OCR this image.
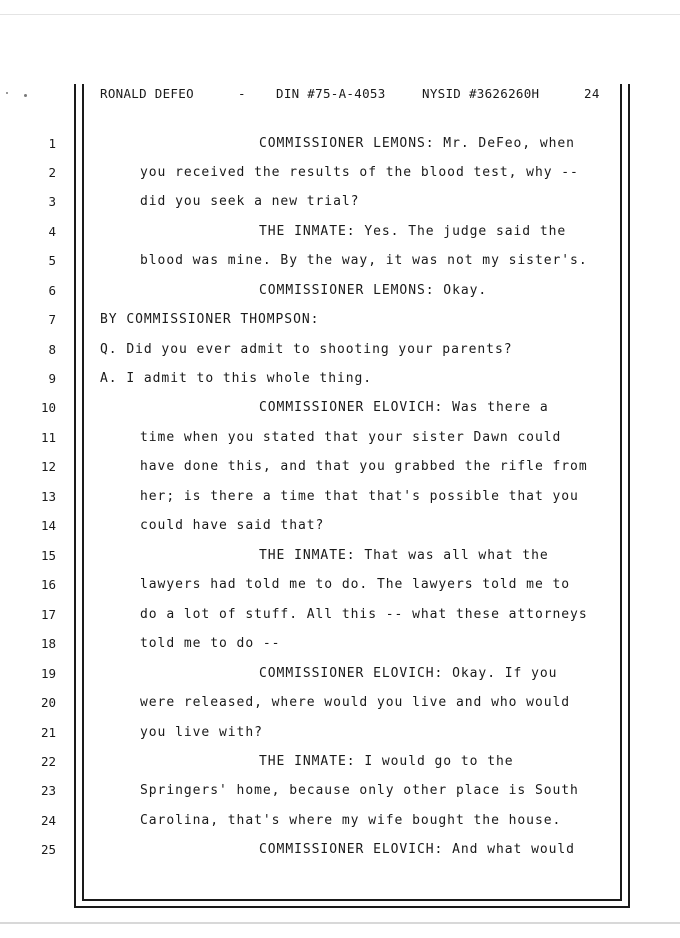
RONALD DEFEO	- DIN #75-A-4053	NYSID #3626260H	24
1	COMMISSIONER LEMONS: Mr. DeFeo, when
2	you received the results of the blood test, why --
3	did you seek a new trial?
4	THE INMATE: Yes. The judge said the
5	blood was mine. By the way, it was not my sister's.
6	COMMISSIONER LEMONS: Okay.
7	BY COMMISSIONER THOMPSON:
8	Q. Did you ever admit to shooting your parents?
9	A. I admit to this whole thing.
10	COMMISSIONER ELOVICH: Was there a
11	time when you stated that your sister Dawn could
12	have done this, and that you grabbed the rifle from
13	her; is there a time that that's possible that you
14	could have said that?
15	THE INMATE: That was all what the
16	lawyers had told me to do. The lawyers told me to
17	do a lot of stuff. All this -- what these attorneys
18	told me to do --
19	COMMISSIONER ELOVICH: Okay. If you
20	were released, where would you live and who would
21	you live with?
22	THE INMATE: I would go to the
23	Springers' home, because only other place is South
24	Carolina, that's where my wife bought the house.
25	COMMISSIONER ELOVICH: And what would
